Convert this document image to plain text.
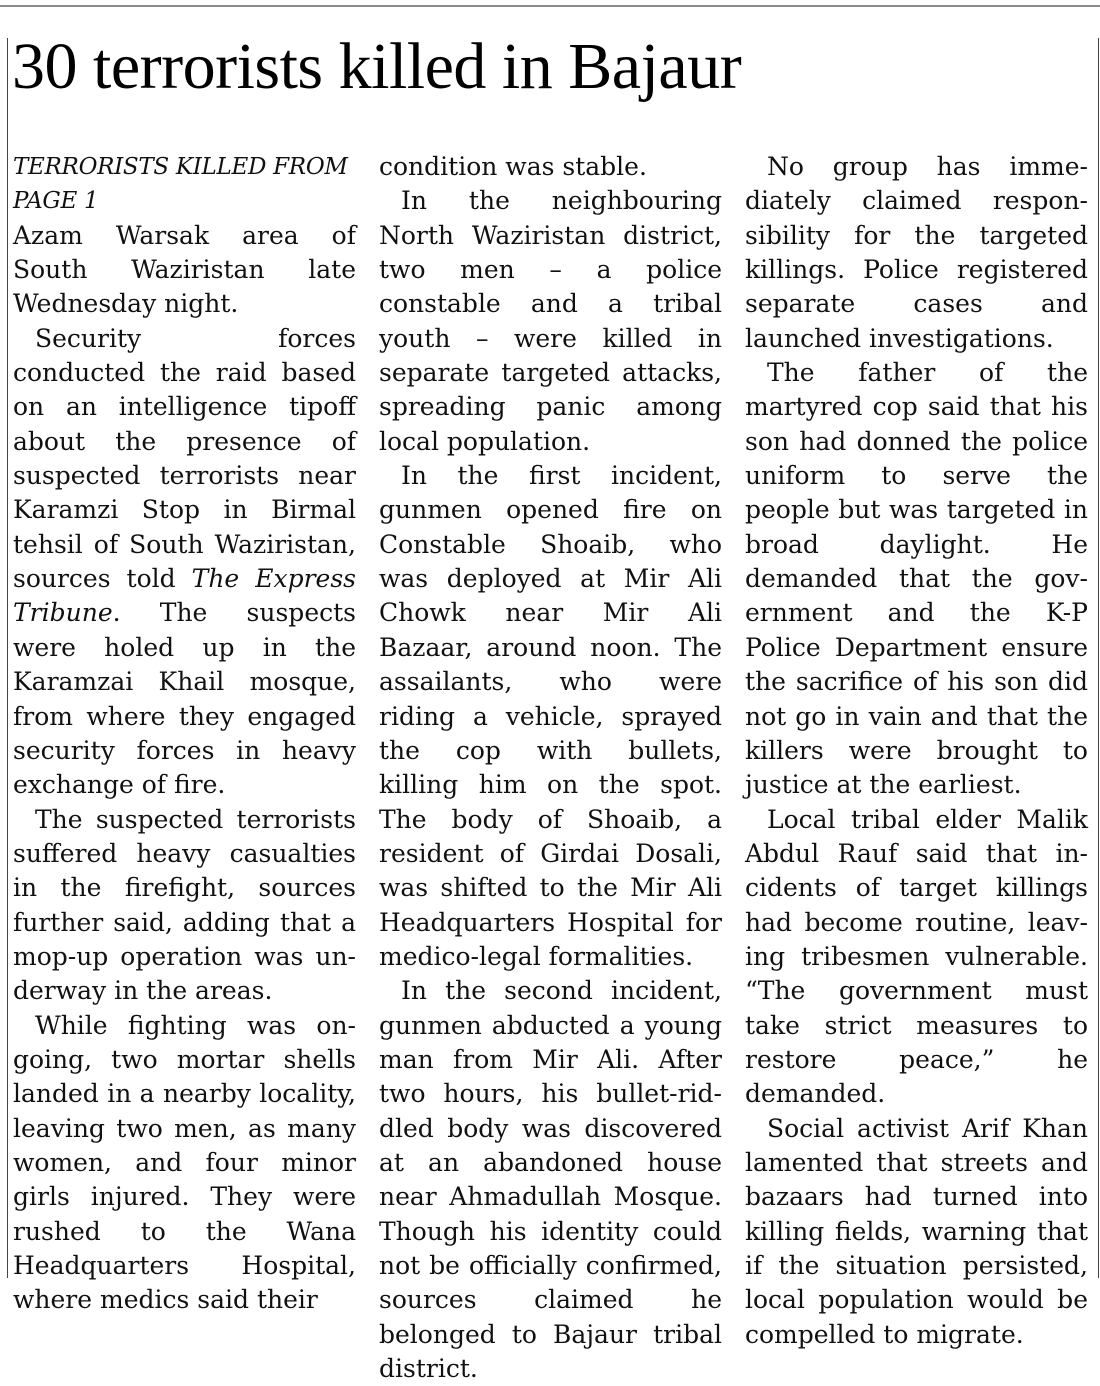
30 terrorists killed in Bajaur
TERRORISTS KILLED FROM
PAGE 1

Azam Warsak area of South Waziristan late Wednesday night.

Security forces conducted the raid based on an intelligence tipoff about the presence of suspected terrorists near Karamzi Stop in Birmal tehsil of South Waziristan, sources told The Express Tribune. The suspects were holed up in the Karamzai Khail mosque, from where they engaged security forces in heavy exchange of fire.

The suspected terrorists suffered heavy casualties in the firefight, sources further said, adding that a mop-up operation was underway in the areas.

While fighting was ongoing, two mortar shells landed in a nearby locality, leaving two men, as many women, and four minor girls injured. They were rushed to the Wana Headquarters Hospital, where medics said their

condition was stable.

In the neighbouring North Waziristan district, two men – a police constable and a tribal youth – were killed in separate targeted attacks, spreading panic among local population.

In the first incident, gunmen opened fire on Constable Shoaib, who was deployed at Mir Ali Chowk near Mir Ali Bazaar, around noon. The assailants, who were riding a vehicle, sprayed the cop with bullets, killing him on the spot. The body of Shoaib, a resident of Girdai Dosali, was shifted to the Mir Ali Headquarters Hospital for medico-legal formalities.

In the second incident, gunmen abducted a young man from Mir Ali. After two hours, his bullet-riddled body was discovered at an abandoned house near Ahmadullah Mosque. Though his identity could not be officially confirmed, sources claimed he belonged to Bajaur tribal district.

No group has immediately claimed responsibility for the targeted killings. Police registered separate cases and launched investigations.

The father of the martyred cop said that his son had donned the police uniform to serve the people but was targeted in broad daylight. He demanded that the government and the K-P Police Department ensure the sacrifice of his son did not go in vain and that the killers were brought to justice at the earliest.

Local tribal elder Malik Abdul Rauf said that incidents of target killings had become routine, leaving tribesmen vulnerable. “The government must take strict measures to restore peace,” he demanded.

Social activist Arif Khan lamented that streets and bazaars had turned into killing fields, warning that if the situation persisted, local population would be compelled to migrate.
